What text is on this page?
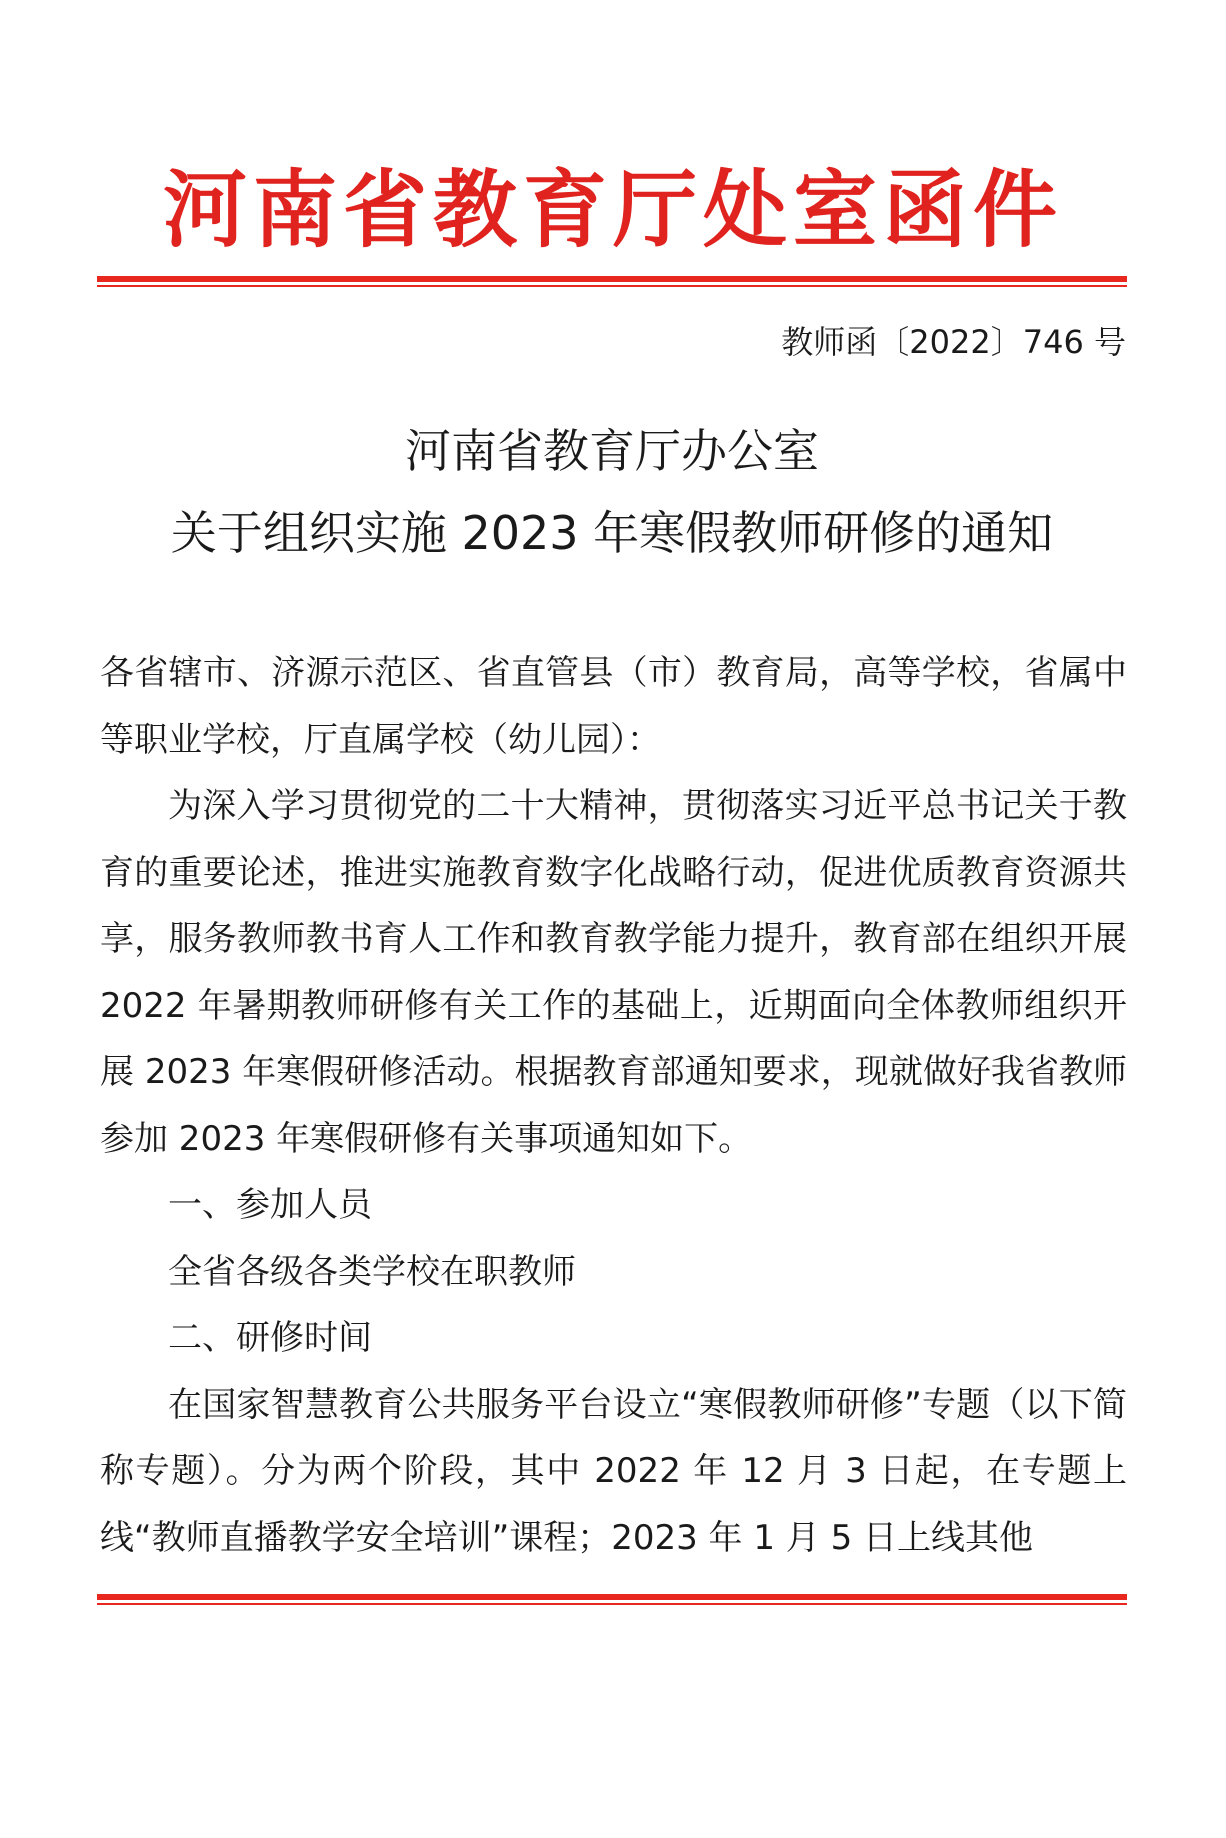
河南省教育厅处室函件
教师函〔2022〕746 号
河南省教育厅办公室
关于组织实施 2023 年寒假教师研修的通知

各省辖市、济源示范区、省直管县（市）教育局，高等学校，省属中等职业学校，厅直属学校（幼儿园）：

为深入学习贯彻党的二十大精神，贯彻落实习近平总书记关于教育的重要论述，推进实施教育数字化战略行动，促进优质教育资源共享，服务教师教书育人工作和教育教学能力提升，教育部在组织开展 2022 年暑期教师研修有关工作的基础上，近期面向全体教师组织开展 2023 年寒假研修活动。根据教育部通知要求，现就做好我省教师参加 2023 年寒假研修有关事项通知如下。

一、参加人员

全省各级各类学校在职教师

二、研修时间

在国家智慧教育公共服务平台设立“寒假教师研修”专题（以下简称专题）。分为两个阶段，其中 2022 年 12 月 3 日起，在专题上线“教师直播教学安全培训”课程；2023 年 1 月 5 日上线其他
